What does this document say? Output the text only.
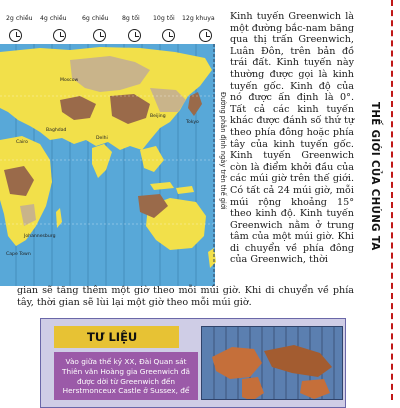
2g chiều 4g chiều 6g chiều 8g tối 10g tối 12g khuya
Cape Town
Johannesburg
Moscow
Tokyo
Beijing
Delhi
Cairo
Baghdad	Đường phân định ngày trên thế giới
Kinh tuyến Greenwich là một đường bắc-nam băng qua thị trấn Greenwich, Luân Đôn, trên bản đồ trái đất. Kinh tuyến này thường được gọi là kinh tuyến gốc. Kinh độ của nó được ấn định là 0°. Tất cả các kinh tuyến khác được đánh số thứ tự theo phía đông hoặc phía tây của kinh tuyến gốc. Kinh tuyến Greenwich còn là điểm khởi đầu của các múi giờ trên thế giới. Có tất cả 24 múi giờ, mỗi múi rộng khoảng 15° theo kinh độ. Kinh tuyến Greenwich nằm ở trung tâm của một múi giờ. Khi di chuyển về phía đông của Greenwich, thời
gian sẽ tăng thêm một giờ theo mỗi múi giờ. Khi di chuyển về phía tây, thời gian sẽ lùi lại một giờ theo mỗi múi giờ.
THẾ GIỚI CỦA CHÚNG TA
TƯ LIỆU
Vào giữa thế kỷ XX, Đài Quan sát Thiên văn Hoàng gia Greenwich đã được dời từ Greenwich đến Herstmonceux Castle ở Sussex, để
